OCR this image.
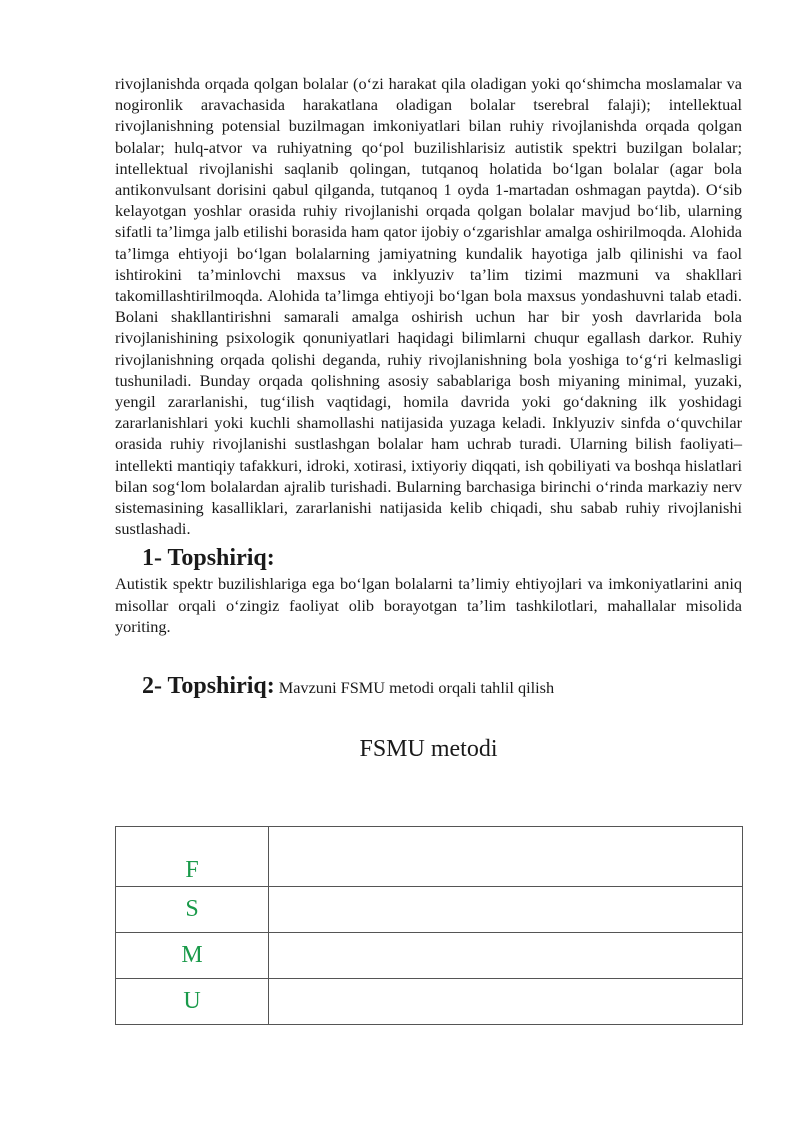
rivojlanishda orqada qolgan bolalar (o‘zi harakat qila oladigan yoki qo‘shimcha moslamalar va nogironlik aravachasida harakatlana oladigan bolalar tserebral falaji); intellektual rivojlanishning potensial buzilmagan imkoniyatlari bilan ruhiy rivojlanishda orqada qolgan bolalar; hulq-atvor va ruhiyatning qo‘pol buzilishlarisiz autistik spektri buzilgan bolalar; intellektual rivojlanishi saqlanib qolingan, tutqanoq holatida bo‘lgan bolalar (agar bola antikonvulsant dorisini qabul qilganda, tutqanoq 1 oyda 1-martadan oshmagan paytda). O‘sib kelayotgan yoshlar orasida ruhiy rivojlanishi orqada qolgan bolalar mavjud bo‘lib, ularning sifatli ta’limga jalb etilishi borasida ham qator ijobiy o‘zgarishlar amalga oshirilmoqda. Alohida ta’limga ehtiyoji bo‘lgan bolalarning jamiyatning kundalik hayotiga jalb qilinishi va faol ishtirokini ta’minlovchi maxsus va inklyuziv ta’lim tizimi mazmuni va shakllari takomillashtirilmoqda. Alohida ta’limga ehtiyoji bo‘lgan bola maxsus yondashuvni talab etadi. Bolani shakllantirishni samarali amalga oshirish uchun har bir yosh davrlarida bola rivojlanishining psixologik qonuniyatlari haqidagi bilimlarni chuqur egallash darkor. Ruhiy rivojlanishning orqada qolishi deganda, ruhiy rivojlanishning bola yoshiga to‘g‘ri kelmasligi tushuniladi. Bunday orqada qolishning asosiy sabablariga bosh miyaning minimal, yuzaki, yengil zararlanishi, tug‘ilish vaqtidagi, homila davrida yoki go‘dakning ilk yoshidagi zararlanishlari yoki kuchli shamollashi natijasida yuzaga keladi. Inklyuziv sinfda o‘quvchilar orasida ruhiy rivojlanishi sustlashgan bolalar ham uchrab turadi. Ularning bilish faoliyati– intellekti mantiqiy tafakkuri, idroki, xotirasi, ixtiyoriy diqqati, ish qobiliyati va boshqa hislatlari bilan sog‘lom bolalardan ajralib turishadi. Bularning barchasiga birinchi o‘rinda markaziy nerv sistemasining kasalliklari, zararlanishi natijasida kelib chiqadi, shu sabab ruhiy rivojlanishi sustlashadi.

1- Topshiriq:

Autistik spektr buzilishlariga ega bo‘lgan bolalarni ta’limiy ehtiyojlari va imkoniyatlarini aniq misollar orqali o‘zingiz faoliyat olib borayotgan ta’lim tashkilotlari, mahallalar misolida yoriting.

2- Topshiriq: Mavzuni FSMU metodi orqali tahlil qilish
FSMU metodi
F	
S	
M	
U	
